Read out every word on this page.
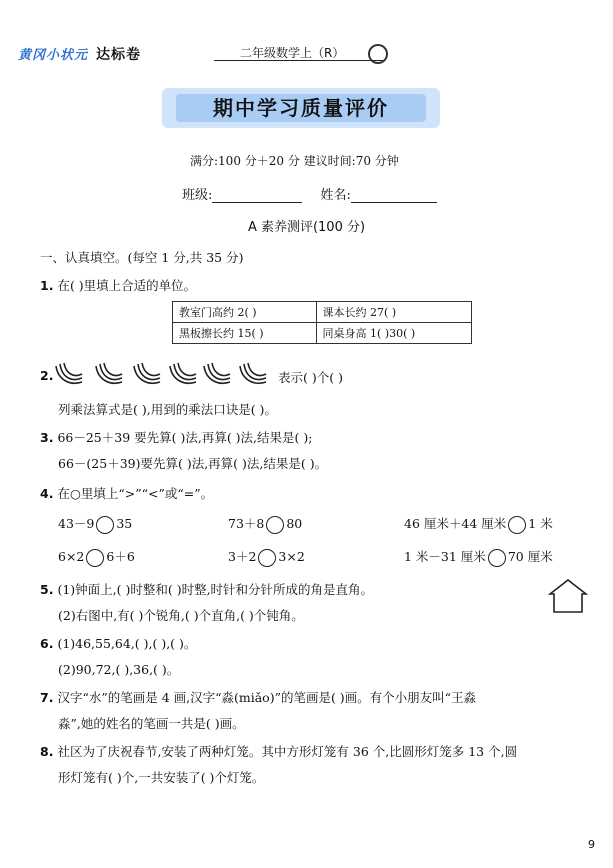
黄冈小状元 达标卷	二年级数学上（R）
期中学习质量评价
满分:100 分＋20 分 建议时间:70 分钟
班级:	姓名:
A 素养测评(100 分)
一、认真填空。(每空 1 分,共 35 分)
1. 在( )里填上合适的单位。
教室门高约 2( )	课本长约 27( )
黑板擦长约 15( )	同桌身高 1( )30( )
2.	表示( )个( )
列乘法算式是( ),用到的乘法口诀是( )。
3. 66－25＋39 要先算( )法,再算( )法,结果是( );
66－(25＋39)要先算( )法,再算( )法,结果是( )。
4. 在○里填上“>”“<”或“=”。
43－9 35	73＋8 80	46 厘米＋44 厘米 1 米
6×2 6＋6	3＋2 3×2	1 米－31 厘米 70 厘米
5. (1)钟面上,( )时整和( )时整,时针和分针所成的角是直角。
(2)右图中,有( )个锐角,( )个直角,( )个钝角。
6. (1)46,55,64,( ),( ),( )。
(2)90,72,( ),36,( )。
7. 汉字“水”的笔画是 4 画,汉字“淼(miǎo)”的笔画是( )画。有个小朋友叫“王淼
淼”,她的姓名的笔画一共是( )画。
8. 社区为了庆祝春节,安装了两种灯笼。其中方形灯笼有 36 个,比圆形灯笼多 13 个,圆
形灯笼有( )个,一共安装了( )个灯笼。
9
